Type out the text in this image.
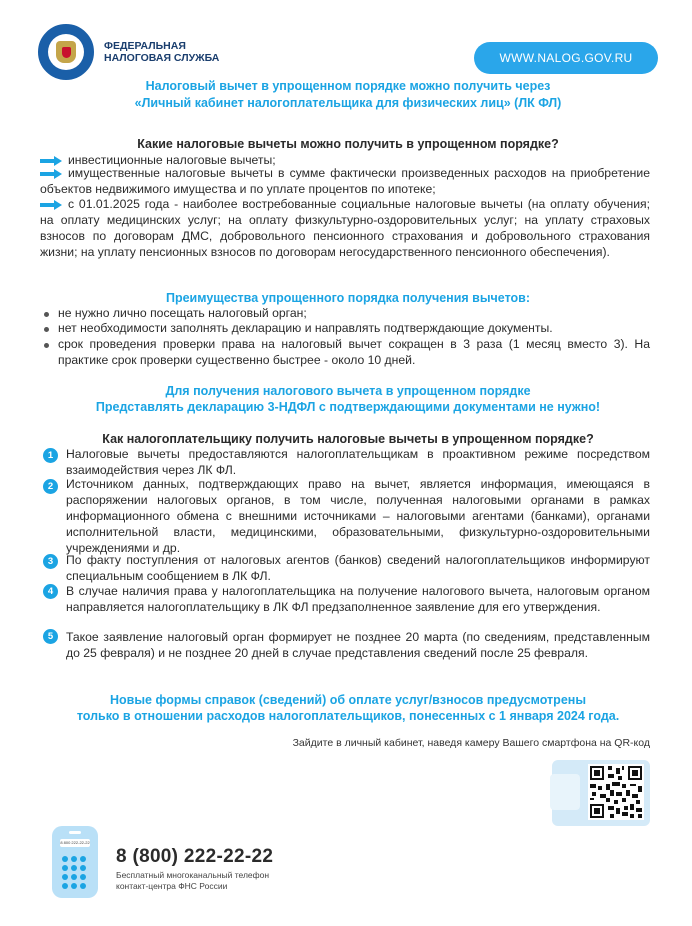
ФЕДЕРАЛЬНАЯ
НАЛОГОВАЯ СЛУЖБА	WWW.NALOG.GOV.RU
Налоговый вычет в упрощенном порядке можно получить через
«Личный кабинет налогоплательщика для физических лиц» (ЛК ФЛ)
Какие налоговые вычеты можно получить в упрощенном порядке?
инвестиционные налоговые вычеты;
имущественные налоговые вычеты в сумме фактически произведенных расходов на приобретение объектов недвижимого имущества и по уплате процентов по ипотеке;
с 01.01.2025 года - наиболее востребованные социальные налоговые вычеты (на оплату обучения; на оплату медицинских услуг; на оплату физкультурно-оздоровительных услуг; на уплату страховых взносов по договорам ДМС, добровольного пенсионного страхования и добровольного страхования жизни; на уплату пенсионных взносов по договорам негосударственного пенсионного обеспечения).
Преимущества упрощенного порядка получения вычетов:
не нужно лично посещать налоговый орган;
нет необходимости заполнять декларацию и направлять подтверждающие документы.
срок проведения проверки права на налоговый вычет сокращен в 3 раза (1 месяц вместо 3). На практике срок проверки существенно быстрее - около 10 дней.
Для получения налогового вычета в упрощенном порядке
Представлять декларацию 3-НДФЛ с подтверждающими документами не нужно!
Как налогоплательщику получить налоговые вычеты в упрощенном порядке?
1	Налоговые вычеты предоставляются налогоплательщикам в проактивном режиме посредством взаимодействия через ЛК ФЛ.
2	Источником данных, подтверждающих право на вычет, является информация, имеющаяся в распоряжении налоговых органов, в том числе, полученная налоговыми органами в рамках информационного обмена с внешними источниками – налоговыми агентами (банками), органами исполнительной власти, медицинскими, образовательными, физкультурно-оздоровительными учреждениями и др.
3	По факту поступления от налоговых агентов (банков) сведений налогоплательщиков информируют специальным сообщением в ЛК ФЛ.
4	В случае наличия права у налогоплательщика на получение налогового вычета, налоговым органом направляется налогоплательщику в ЛК ФЛ предзаполненное заявление для его утверждения.
5	Такое заявление налоговый орган формирует не позднее 20 марта (по сведениям, представленным до 25 февраля) и не позднее 20 дней в случае представления сведений после 25 февраля.
Новые формы справок (сведений) об оплате услуг/взносов предусмотрены
только в отношении расходов налогоплательщиков, понесенных с 1 января 2024 года.
Зайдите в личный кабинет, наведя камеру Вашего смартфона на QR-код
8 800 222-22-22
8 (800) 222-22-22
Бесплатный многоканальный телефон
контакт-центра ФНС России
